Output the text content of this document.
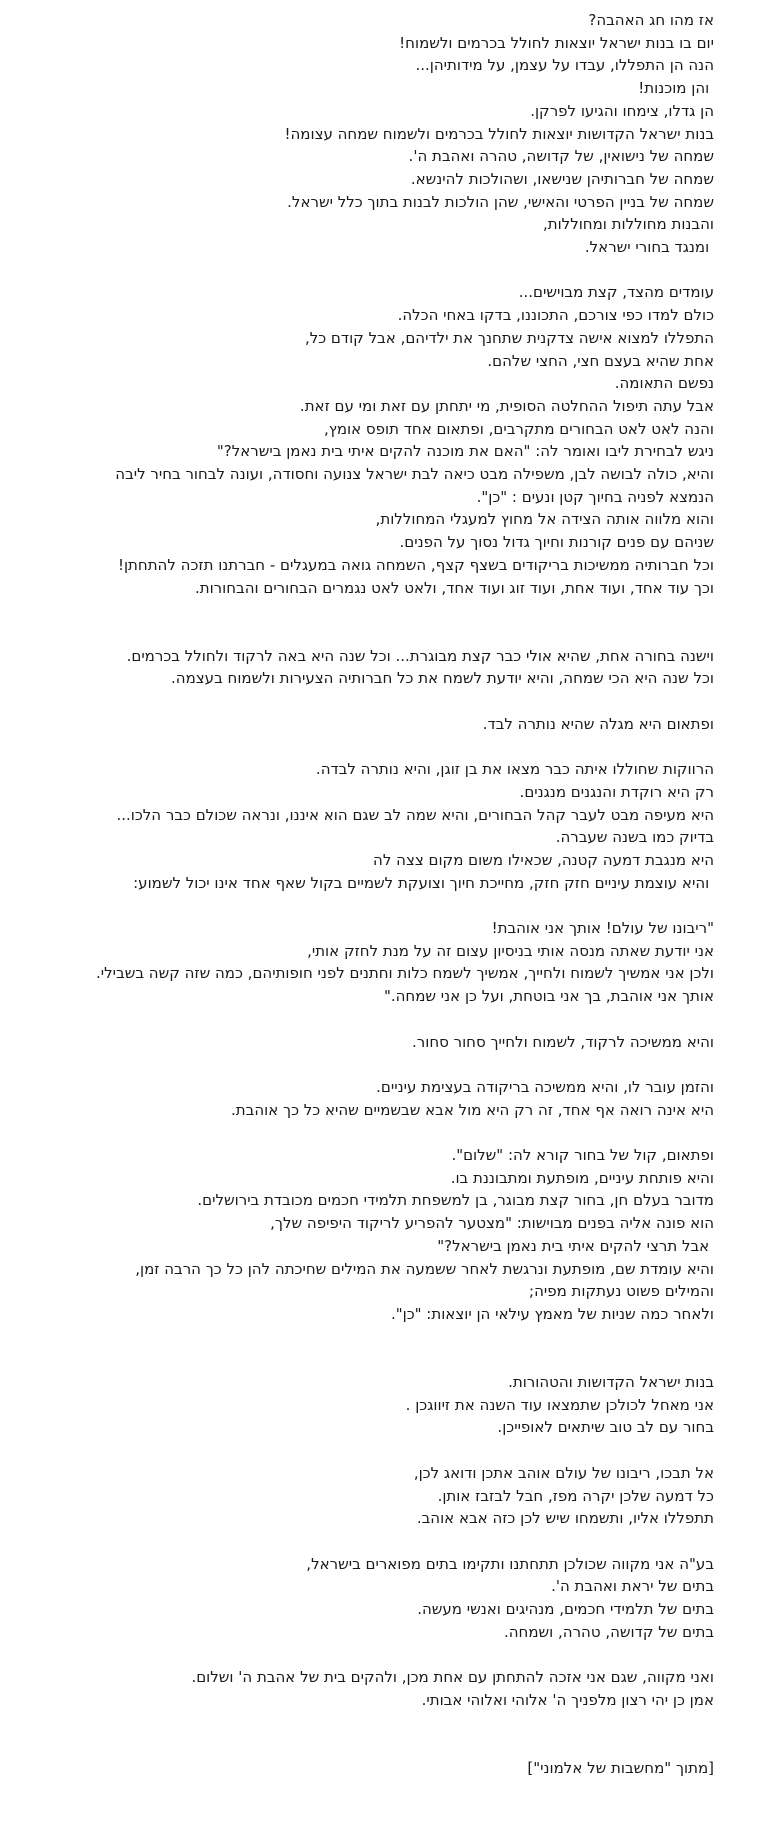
אז מהו חג האהבה?
יום בו בנות ישראל יוצאות לחולל בכרמים ולשמוח!
הנה הן התפללו, עבדו על עצמן, על מידותיהן...
והן מוכנות!
הן גדלו, צימחו והגיעו לפרקן.
בנות ישראל הקדושות יוצאות לחולל בכרמים ולשמוח שמחה עצומה!
שמחה של נישואין, של קדושה, טהרה ואהבת ה'.
שמחה של חברותיהן שנישאו, ושהולכות להינשא.
שמחה של בניין הפרטי והאישי, שהן הולכות לבנות בתוך כלל ישראל.
והבנות מחוללות ומחוללות,
ומנגד בחורי ישראל.
עומדים מהצד, קצת מבוישים...
כולם למדו כפי צורכם, התכוננו, בדקו באחי הכלה.
התפללו למצוא אישה צדקנית שתחנך את ילדיהם, אבל קודם כל,
אחת שהיא בעצם חצי, החצי שלהם.
נפשם התאומה.
אבל עתה תיפול ההחלטה הסופית, מי יתחתן עם זאת ומי עם זאת.
והנה לאט לאט הבחורים מתקרבים, ופתאום אחד תופס אומץ,
ניגש לבחירת ליבו ואומר לה: "האם את מוכנה להקים איתי בית נאמן בישראל?"
והיא, כולה לבושה לבן, משפילה מבט כיאה לבת ישראל צנועה וחסודה, ועונה לבחור בחיר ליבה
הנמצא לפניה בחיוך קטן ונעים : "כן".
והוא מלווה אותה הצידה אל מחוץ למעגלי המחוללות,
שניהם עם פנים קורנות וחיוך גדול נסוך על הפנים.
וכל חברותיה ממשיכות בריקודים בשצף קצף, השמחה גואה במעגלים - חברתנו תזכה להתחתן!
וכך עוד אחד, ועוד אחת, ועוד זוג ועוד אחד, ולאט לאט נגמרים הבחורים והבחורות.
וישנה בחורה אחת, שהיא אולי כבר קצת מבוגרת... וכל שנה היא באה לרקוד ולחולל בכרמים.
וכל שנה היא הכי שמחה, והיא יודעת לשמח את כל חברותיה הצעירות ולשמוח בעצמה.
ופתאום היא מגלה שהיא נותרה לבד.
הרווקות שחוללו איתה כבר מצאו את בן זוגן, והיא נותרה לבדה.
רק היא רוקדת והנגנים מנגנים.
היא מעיפה מבט לעבר קהל הבחורים, והיא שמה לב שגם הוא איננו, ונראה שכולם כבר הלכו...
בדיוק כמו בשנה שעברה.
היא מנגבת דמעה קטנה, שכאילו משום מקום צצה לה
והיא עוצמת עיניים חזק חזק, מחייכת חיוך וצועקת לשמיים בקול שאף אחד אינו יכול לשמוע:
"ריבונו של עולם! אותך אני אוהבת!
אני יודעת שאתה מנסה אותי בניסיון עצום זה על מנת לחזק אותי,
ולכן אני אמשיך לשמוח ולחייך, אמשיך לשמח כלות וחתנים לפני חופותיהם, כמה שזה קשה בשבילי.
אותך אני אוהבת, בך אני בוטחת, ועל כן אני שמחה."
והיא ממשיכה לרקוד, לשמוח ולחייך סחור סחור.
והזמן עובר לו, והיא ממשיכה בריקודה בעצימת עיניים.
היא אינה רואה אף אחד, זה רק היא מול אבא שבשמיים שהיא כל כך אוהבת.
ופתאום, קול של בחור קורא לה: "שלום".
והיא פותחת עיניים, מופתעת ומתבוננת בו.
מדובר בעלם חן, בחור קצת מבוגר, בן למשפחת תלמידי חכמים מכובדת בירושלים.
הוא פונה אליה בפנים מבוישות: "מצטער להפריע לריקוד היפיפה שלך,
אבל תרצי להקים איתי בית נאמן בישראל?"
והיא עומדת שם, מופתעת ונרגשת לאחר ששמעה את המילים שחיכתה להן כל כך הרבה זמן,
והמילים פשוט נעתקות מפיה;
ולאחר כמה שניות של מאמץ עילאי הן יוצאות: "כן".
בנות ישראל הקדושות והטהורות.
אני מאחל לכולכן שתמצאו עוד השנה את זיווגכן .
בחור עם לב טוב שיתאים לאופייכן.
אל תבכו, ריבונו של עולם אוהב אתכן ודואג לכן,
כל דמעה שלכן יקרה מפז, חבל לבזבז אותן.
תתפללו אליו, ותשמחו שיש לכן כזה אבא אוהב.
בע"ה אני מקווה שכולכן תתחתנו ותקימו בתים מפוארים בישראל,
בתים של יראת ואהבת ה'.
בתים של תלמידי חכמים, מנהיגים ואנשי מעשה.
בתים של קדושה, טהרה, ושמחה.
ואני מקווה, שגם אני אזכה להתחתן עם אחת מכן, ולהקים בית של אהבת ה' ושלום.
אמן כן יהי רצון מלפניך ה' אלוהי ואלוהי אבותי.
[מתוך "מחשבות של אלמוני"]
